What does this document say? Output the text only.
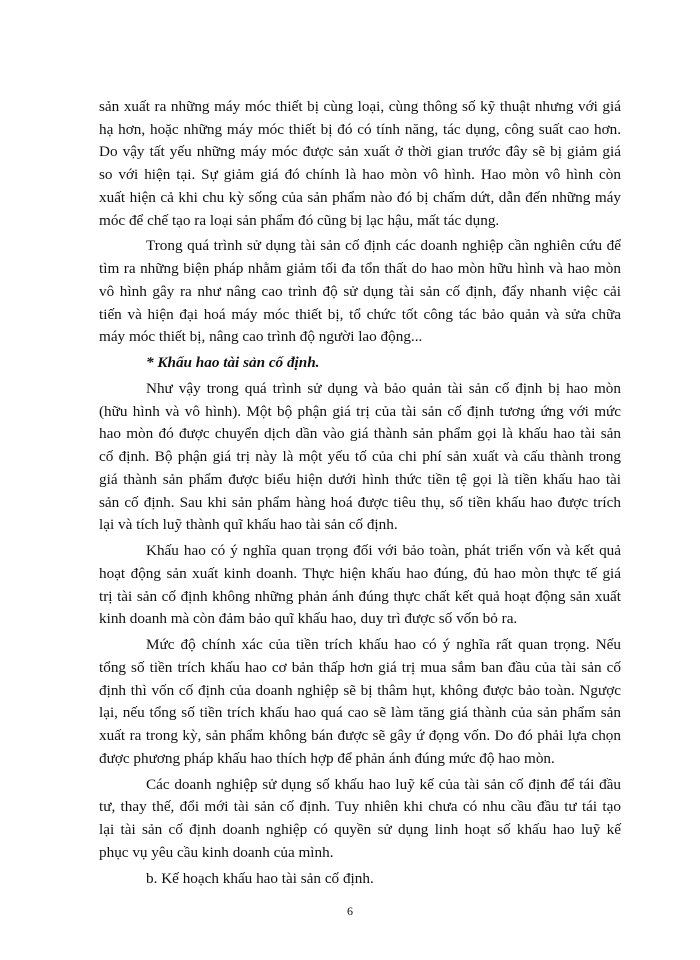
sản xuất ra những máy móc thiết bị cùng loại, cùng thông số kỹ thuật nhưng với giá
hạ hơn, hoặc những máy móc thiết bị đó có tính năng, tác dụng, công suất cao hơn.
Do vậy tất yếu những máy móc được sản xuất ở thời gian trước đây sẽ bị giảm giá
so với hiện tại. Sự giảm giá đó chính là hao mòn vô hình. Hao mòn vô hình còn
xuất hiện cả khi chu kỳ sống của sản phẩm nào đó bị chấm dứt, dẫn đến những máy
móc để chế tạo ra loại sản phẩm đó cũng bị lạc hậu, mất tác dụng.
Trong quá trình sử dụng tài sản cố định các doanh nghiệp cần nghiên cứu để
tìm ra những biện pháp nhằm giảm tối đa tổn thất do hao mòn hữu hình và hao mòn
vô hình gây ra như nâng cao trình độ sử dụng tài sản cố định, đẩy nhanh việc cải
tiến và hiện đại hoá máy móc thiết bị, tổ chức tốt công tác bảo quản và sửa chữa
máy móc thiết bị, nâng cao trình độ người lao động...
* Khấu hao tài sản cố định.
Như vậy trong quá trình sử dụng và bảo quản tài sản cố định bị hao mòn
(hữu hình và vô hình). Một bộ phận giá trị của tài sản cố định tương ứng với mức
hao mòn đó được chuyển dịch dần vào giá thành sản phẩm gọi là khấu hao tài sản
cố định. Bộ phận giá trị này là một yếu tố của chi phí sản xuất và cấu thành trong
giá thành sản phẩm được biểu hiện dưới hình thức tiền tệ gọi là tiền khấu hao tài
sản cố định. Sau khi sản phẩm hàng hoá được tiêu thụ, số tiền khấu hao được trích
lại và tích luỹ thành quĩ khấu hao tài sản cố định.
Khấu hao có ý nghĩa quan trọng đối với bảo toàn, phát triển vốn và kết quả
hoạt động sản xuất kinh doanh. Thực hiện khấu hao đúng, đủ hao mòn thực tế giá
trị tài sản cố định không những phản ánh đúng thực chất kết quả hoạt động sản xuất
kinh doanh mà còn đảm bảo quĩ khấu hao, duy trì được số vốn bỏ ra.
Mức độ chính xác của tiền trích khấu hao có ý nghĩa rất quan trọng. Nếu
tổng số tiền trích khấu hao cơ bản thấp hơn giá trị mua sắm ban đầu của tài sản cố
định thì vốn cố định của doanh nghiệp sẽ bị thâm hụt, không được bảo toàn. Ngược
lại, nếu tổng số tiền trích khấu hao quá cao sẽ làm tăng giá thành của sản phẩm sản
xuất ra trong kỳ, sản phẩm không bán được sẽ gây ứ đọng vốn. Do đó phải lựa chọn
được phương pháp khấu hao thích hợp để phản ánh đúng mức độ hao mòn.
Các doanh nghiệp sử dụng số khấu hao luỹ kế của tài sản cố định để tái đầu
tư, thay thế, đổi mới tài sản cố định. Tuy nhiên khi chưa có nhu cầu đầu tư tái tạo
lại tài sản cố định doanh nghiệp có quyền sử dụng linh hoạt số khấu hao luỹ kế
phục vụ yêu cầu kinh doanh của mình.
6
b. Kế hoạch khấu hao tài sản cố định.
